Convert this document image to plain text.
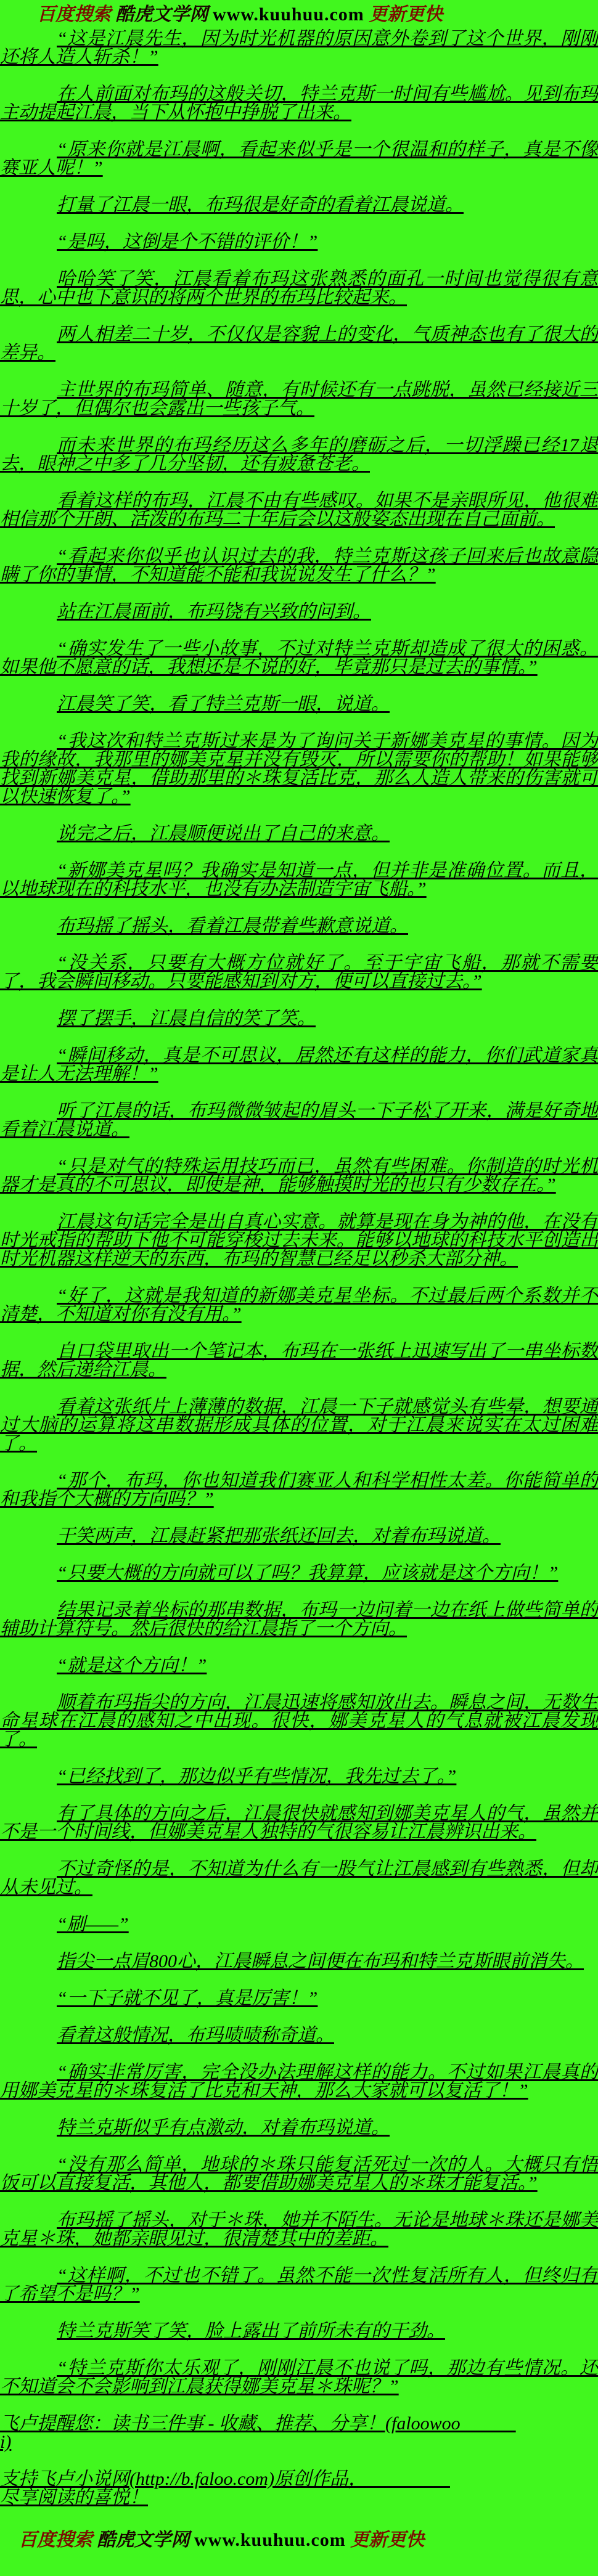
百度搜索 酷虎文学网 www.kuuhuu.com 更新更快

“这是江晨先生，因为时光机器的原因意外卷到了这个世界，刚刚还将人造人斩杀！”

在人前面对布玛的这般关切，特兰克斯一时间有些尴尬。见到布玛主动提起江晨，当下从怀抱中挣脱了出来。

“原来你就是江晨啊，看起来似乎是一个很温和的样子，真是不像赛亚人呢！”

打量了江晨一眼，布玛很是好奇的看着江晨说道。

“是吗，这倒是个不错的评价！”

哈哈笑了笑，江晨看着布玛这张熟悉的面孔一时间也觉得很有意思，心中也下意识的将两个世界的布玛比较起来。

两人相差二十岁，不仅仅是容貌上的变化，气质神态也有了很大的差异。

主世界的布玛简单、随意，有时候还有一点跳脱，虽然已经接近三十岁了，但偶尔也会露出一些孩子气。

而未来世界的布玛经历这么多年的磨砺之后，一切浮躁已经17退去，眼神之中多了几分坚韧，还有疲惫苍老。

看着这样的布玛，江晨不由有些感叹。如果不是亲眼所见，他很难相信那个开朗、活泼的布玛二十年后会以这般姿态出现在自己面前。

“看起来你似乎也认识过去的我，特兰克斯这孩子回来后也故意隐瞒了你的事情，不知道能不能和我说说发生了什么？”

站在江晨面前，布玛饶有兴致的问到。

“确实发生了一些小故事，不过对特兰克斯却造成了很大的困惑。如果他不愿意的话，我想还是不说的好，毕竟那只是过去的事情。”

江晨笑了笑，看了特兰克斯一眼，说道。

“我这次和特兰克斯过来是为了询问关于新娜美克星的事情。因为我的缘故，我那里的娜美克星并没有毁灭，所以需要你的帮助！如果能够找到新娜美克星，借助那里的＊珠复活比克，那么人造人带来的伤害就可以快速恢复了。”

说完之后，江晨顺便说出了自己的来意。

“新娜美克星吗？我确实是知道一点，但并非是准确位置。而且，以地球现在的科技水平，也没有办法制造宇宙飞船。”

布玛摇了摇头，看着江晨带着些歉意说道。

“没关系，只要有大概方位就好了。至于宇宙飞船，那就不需要了，我会瞬间移动。只要能感知到对方，便可以直接过去。”

摆了摆手，江晨自信的笑了笑。

“瞬间移动，真是不可思议，居然还有这样的能力，你们武道家真是让人无法理解！”

听了江晨的话，布玛微微皱起的眉头一下子松了开来，满是好奇地看着江晨说道。

“只是对气的特殊运用技巧而已，虽然有些困难。你制造的时光机器才是真的不可思议，即使是神，能够触摸时光的也只有少数存在。”

江晨这句话完全是出自真心实意。就算是现在身为神的他，在没有时光戒指的帮助下他不可能穿梭过去未来。能够以地球的科技水平创造出时光机器这样逆天的东西，布玛的智慧已经足以秒杀大部分神。

“好了，这就是我知道的新娜美克星坐标。不过最后两个系数并不清楚，不知道对你有没有用。”

自口袋里取出一个笔记本，布玛在一张纸上迅速写出了一串坐标数据，然后递给江晨。

看着这张纸片上薄薄的数据，江晨一下子就感觉头有些晕，想要通过大脑的运算将这串数据形成具体的位置，对于江晨来说实在太过困难了。

“那个，布玛，你也知道我们赛亚人和科学相性太差。你能简单的和我指个大概的方向吗？”

干笑两声，江晨赶紧把那张纸还回去，对着布玛说道。

“只要大概的方向就可以了吗？我算算，应该就是这个方向！”

结果记录着坐标的那串数据，布玛一边问着一边在纸上做些简单的辅助计算符号。然后很快的给江晨指了一个方向。

“就是这个方向！”

顺着布玛指尖的方向，江晨迅速将感知放出去。瞬息之间，无数生命星球在江晨的感知之中出现。很快，娜美克星人的气息就被江晨发现了。

“已经找到了，那边似乎有些情况，我先过去了。”

有了具体的方向之后，江晨很快就感知到娜美克星人的气，虽然并不是一个时间线，但娜美克星人独特的气很容易让江晨辨识出来。

不过奇怪的是，不知道为什么有一股气让江晨感到有些熟悉，但却从未见过。

“刷——”

指尖一点眉800心，江晨瞬息之间便在布玛和特兰克斯眼前消失。

“一下子就不见了，真是厉害！”

看着这般情况，布玛啧啧称奇道。

“确实非常厉害，完全没办法理解这样的能力。不过如果江晨真的用娜美克星的＊珠复活了比克和天神，那么大家就可以复活了！”

特兰克斯似乎有点激动，对着布玛说道。

“没有那么简单，地球的＊珠只能复活死过一次的人。大概只有悟饭可以直接复活，其他人，都要借助娜美克星人的＊珠才能复活。”

布玛摇了摇头，对于＊珠，她并不陌生。无论是地球＊珠还是娜美克星＊珠，她都亲眼见过，很清楚其中的差距。

“这样啊，不过也不错了。虽然不能一次性复活所有人，但终归有了希望不是吗？”

特兰克斯笑了笑，脸上露出了前所未有的干劲。

“特兰克斯你太乐观了，刚刚江晨不也说了吗，那边有些情况。还不知道会不会影响到江晨获得娜美克星＊珠呢？”

飞卢提醒您：读书三件事 - 收藏、推荐、分享！(faloowoo
i)

支持飞卢小说网(http://b.faloo.com)原创作品，
尽享阅读的喜悦！

百度搜索 酷虎文学网 www.kuuhuu.com 更新更快
